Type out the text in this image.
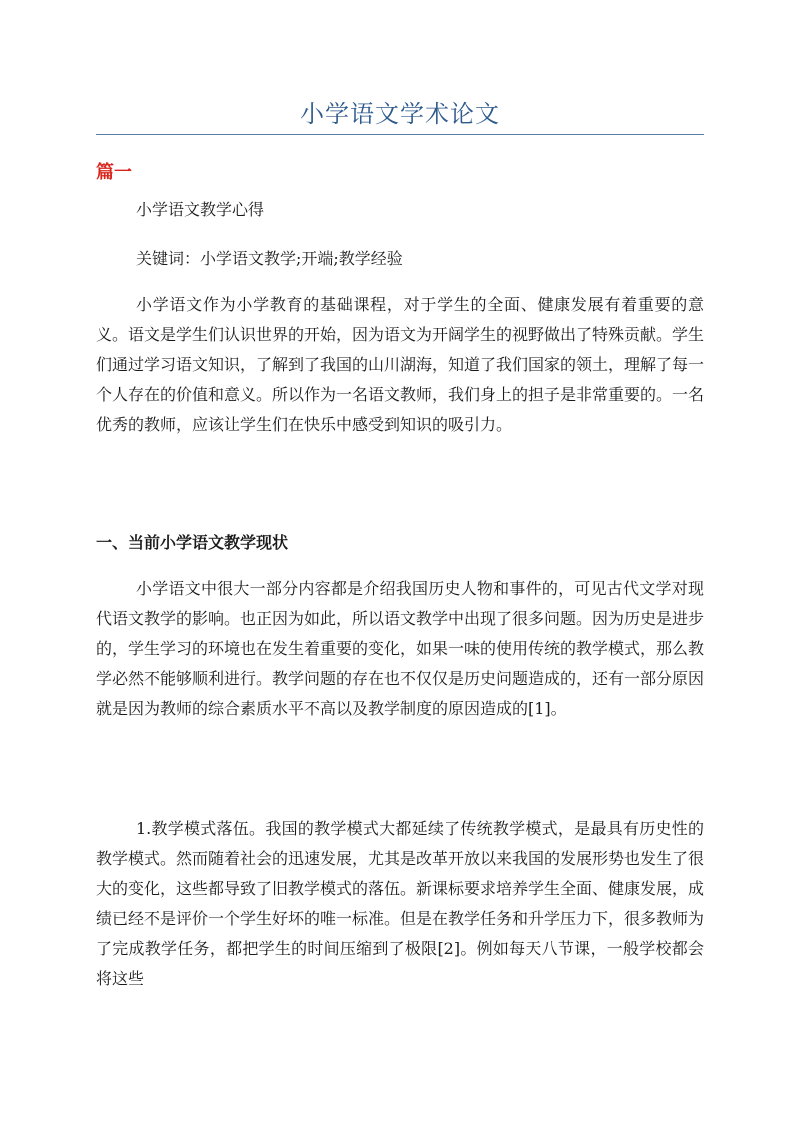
小学语文学术论文
篇一

小学语文教学心得

关键词：小学语文教学;开端;教学经验

小学语文作为小学教育的基础课程，对于学生的全面、健康发展有着重要的意义。语文是学生们认识世界的开始，因为语文为开阔学生的视野做出了特殊贡献。学生们通过学习语文知识，了解到了我国的山川湖海，知道了我们国家的领土，理解了每一个人存在的价值和意义。所以作为一名语文教师，我们身上的担子是非常重要的。一名优秀的教师，应该让学生们在快乐中感受到知识的吸引力。

一、当前小学语文教学现状

小学语文中很大一部分内容都是介绍我国历史人物和事件的，可见古代文学对现代语文教学的影响。也正因为如此，所以语文教学中出现了很多问题。因为历史是进步的，学生学习的环境也在发生着重要的变化，如果一味的使用传统的教学模式，那么教学必然不能够顺利进行。教学问题的存在也不仅仅是历史问题造成的，还有一部分原因就是因为教师的综合素质水平不高以及教学制度的原因造成的[1]。

1.教学模式落伍。我国的教学模式大都延续了传统教学模式，是最具有历史性的教学模式。然而随着社会的迅速发展，尤其是改革开放以来我国的发展形势也发生了很大的变化，这些都导致了旧教学模式的落伍。新课标要求培养学生全面、健康发展，成绩已经不是评价一个学生好坏的唯一标准。但是在教学任务和升学压力下，很多教师为了完成教学任务，都把学生的时间压缩到了极限[2]。例如每天八节课，一般学校都会将这些
